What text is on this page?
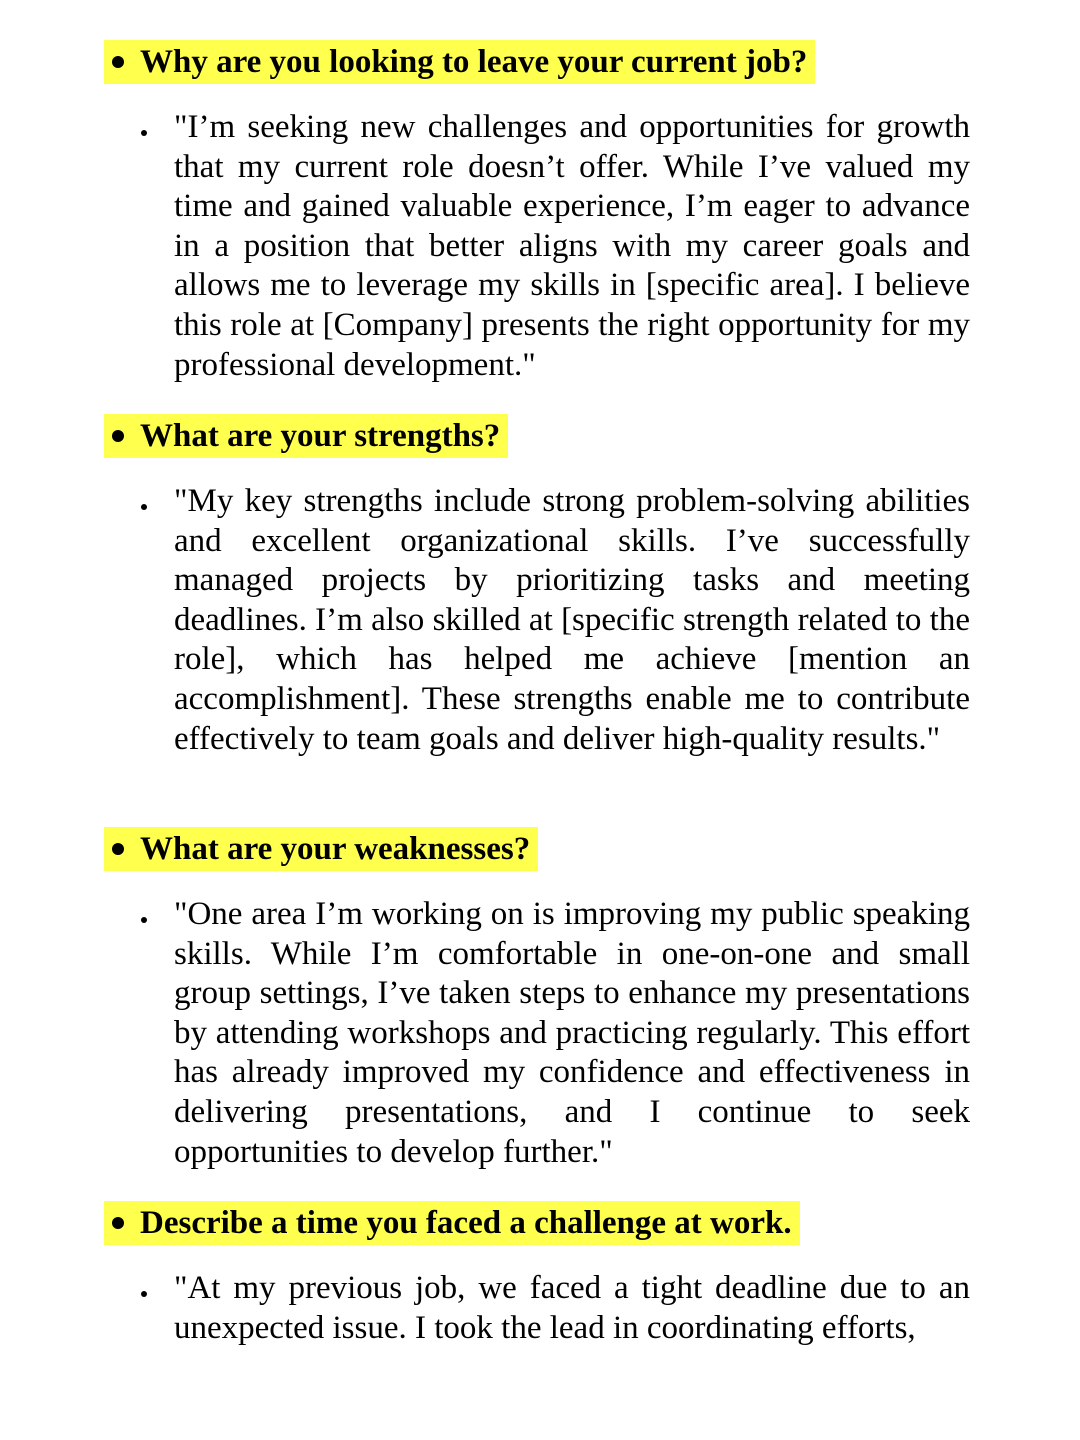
Why are you looking to leave your current job?
"I’m seeking new challenges and opportunities for growth that my current role doesn’t offer. While I’ve valued my time and gained valuable experience, I’m eager to advance in a position that better aligns with my career goals and allows me to leverage my skills in [specific area]. I believe this role at [Company] presents the right opportunity for my professional development."
What are your strengths?
"My key strengths include strong problem-solving abilities and excellent organizational skills. I’ve successfully managed projects by prioritizing tasks and meeting deadlines. I’m also skilled at [specific strength related to the role], which has helped me achieve [mention an accomplishment]. These strengths enable me to contribute effectively to team goals and deliver high-quality results."
What are your weaknesses?
"One area I’m working on is improving my public speaking skills. While I’m comfortable in one-on-one and small group settings, I’ve taken steps to enhance my presentations by attending workshops and practicing regularly. This effort has already improved my confidence and effectiveness in delivering presentations, and I continue to seek opportunities to develop further."
Describe a time you faced a challenge at work.
"At my previous job, we faced a tight deadline due to an unexpected issue. I took the lead in coordinating efforts,
